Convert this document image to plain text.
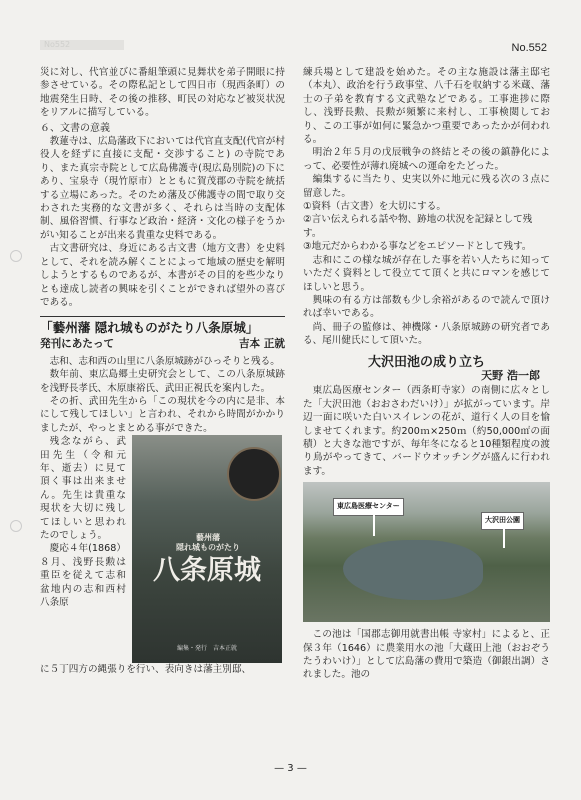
No552	No.552

災に対し、代官並びに番組筆頭に見舞状を弟子開眼に持参させている。その際私記として四日市（現西条町）の地震発生日時、その後の推移、町民の対応など被災状況をリアルに描写している。

６、文書の意義

教蓮寺は、広島藩政下においては代官直支配(代官が村役人を経ずに直接に支配・交渉すること) の寺院であり、また真宗寺院として広島佛護寺(現広島別院)の下にあり、宝泉寺（現竹原市）とともに賀茂郡の寺院を統括する立場にあった。そのため藩及び佛護寺の間で取り交わされた実務的な文書が多く、それらは当時の支配体制、風俗習慣、行事など政治・経済・文化の様子をうかがい知ることが出来る貴重な史料である。

古文書研究は、身近にある古文書（地方文書）を史料として、それを読み解くことによって地域の歴史を解明しようとするものであるが、本書がその目的を些少なりとも達成し読者の興味を引くことができれば望外の喜びである。

「藝州藩 隠れ城ものがたり八条原城」

発刊にあたって	吉本 正就

志和、志和西の山里に八条原城跡がひっそりと残る。

数年前、東広島郷土史研究会として、この八条原城跡を浅野長孝氏、木原康裕氏、武田正視氏を案内した。

その折、武田先生から「この現状を今の内に是非、本にして残してほしい」と言われ、それから時間がかかりましたが、やっとまとめる事ができた。

残念ながら、武田先生（令和元年、逝去）に見て頂く事は出来ません。先生は貴重な現状を大切に残してほしいと思われたのでしょう。

慶応４年(1868）８月、浅野長勲は重臣を従えて志和盆地内の志和西村八条原

藝州藩
隠れ城ものがたり
八条原城
編集・発行　吉本正就

に５丁四方の縄張りを行い、表向きは藩主別邸、

練兵場として建設を始めた。その主な施設は藩主邸宅（本丸）、政治を行う政事堂、八千石を収納する米蔵、藩士の子弟を教育する文武塾などである。工事進捗に際し、浅野長勲、長勲が頻繁に来村し、工事検閲しており、この工事が如何に緊急かつ重要であったかが伺われる。

明治２年５月の戊辰戦争の終結とその後の鎮静化によって、必要性が薄れ廃城への運命をたどった。

編集するに当たり、史実以外に地元に残る次の３点に留意した。

①資料（古文書）を大切にする。

②言い伝えられる話や物、跡地の状況を記録として残す。

③地元だからわかる事などをエピソードとして残す。

志和にこの様な城が存在した事を若い人たちに知っていただく資料として役立てて頂くと共にロマンを感じてほしいと思う。

興味の有る方は部数も少し余裕があるので読んで頂ければ幸いである。

尚、冊子の監修は、神機隊・八条原城跡の研究者である、尾川健氏にして頂いた。

大沢田池の成り立ち

天野 浩一郎

東広島医療センター（西条町寺家）の南側に広々とした「大沢田池（おおさわだいけ）」が拡がっています。岸辺一面に咲いた白いスイレンの花が、道行く人の目を愉しませてくれます。約200ｍ×250ｍ（約50,000㎡の面積）と大きな池ですが、毎年冬になると10種類程度の渡り鳥がやってきて、バードウオッチングが盛んに行われます。

東広島医療センター
大沢田公園

この池は「国郡志御用就書出帳 寺家村」によると、正保３年（1646）に農業用水の池「大蔵田上池（おおぞうたうわいけ）」として広島藩の費用で築造（御銀出調）されました。池の

— 3 —
